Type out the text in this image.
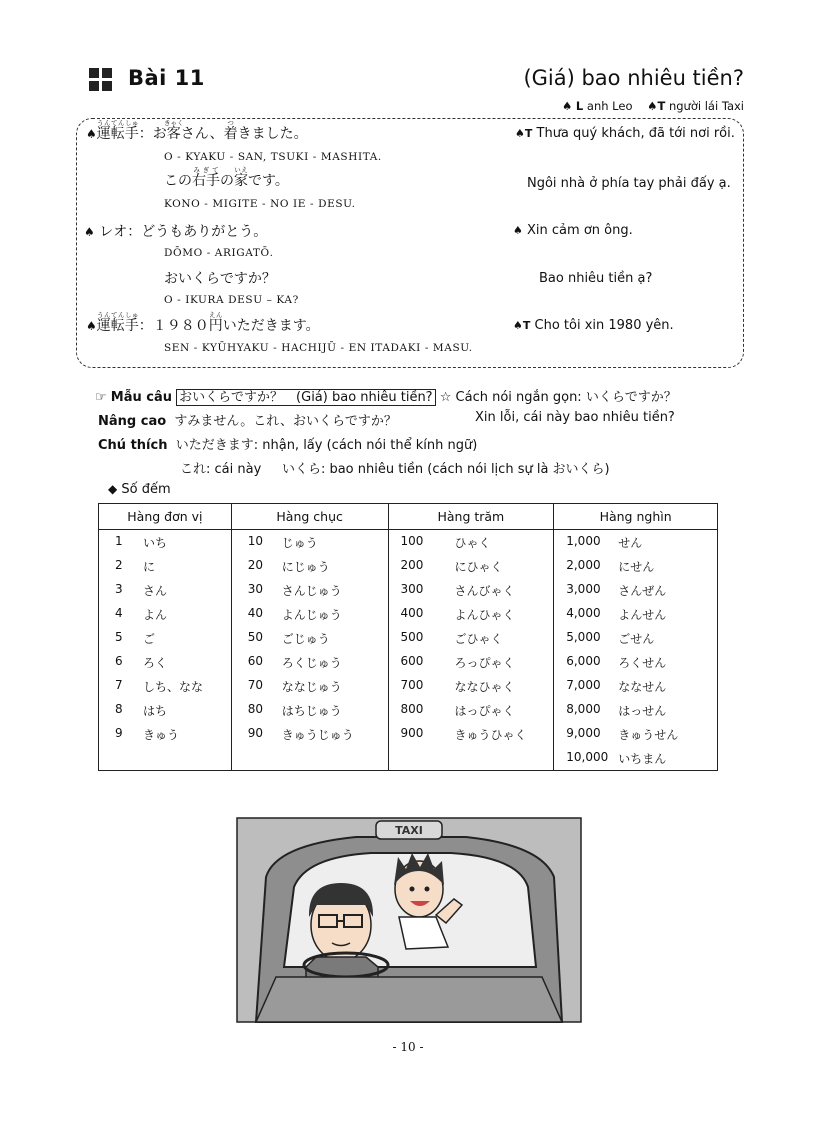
Bài 11	(Giá) bao nhiêu tiền?
♠ L anh Leo ♠T người lái Taxi
♠運転手うんてんしゅ：お客きゃくさん、着つきました。
O - KYAKU - SAN, TSUKI - MASHITA.
♠T Thưa quý khách, đã tới nơi rồi.
この右手みぎての家いえです。
KONO - MIGITE - NO IE - DESU.
Ngôi nhà ở phía tay phải đấy ạ.
♠ レオ：どうもありがとう。
DŌMO - ARIGATŌ.
♠ Xin cảm ơn ông.
おいくらですか？
O - IKURA DESU – KA?
Bao nhiêu tiền ạ?
♠運転手うんてんしゅ：１９８０円えんいただきます。
SEN - KYŪHYAKU - HACHIJŪ - EN ITADAKI - MASU.
♠T Cho tôi xin 1980 yên.
☞ Mẫu câu おいくらですか？　(Giá) bao nhiêu tiền? ☆ Cách nói ngắn gọn: いくらですか？
Nâng cao すみません。これ、おいくらですか？	Xin lỗi, cái này bao nhiêu tiền?
Chú thích いただきます: nhận, lấy (cách nói thể kính ngữ)
これ: cái này いくら: bao nhiêu tiền (cách nói lịch sự là おいくら)
◆ Số đếm
Hàng đơn vị	Hàng chục	Hàng trăm	Hàng nghìn

1 いち	10 じゅう	100 ひゃく	1,000 せん

2 に	20 にじゅう	200 にひゃく	2,000 にせん

3 さん	30 さんじゅう	300 さんびゃく	3,000 さんぜん

4 よん	40 よんじゅう	400 よんひゃく	4,000 よんせん

5 ご	50 ごじゅう	500 ごひゃく	5,000 ごせん

6 ろく	60 ろくじゅう	600 ろっぴゃく	6,000 ろくせん

7 しち、なな	70 ななじゅう	700 ななひゃく	7,000 ななせん

8 はち	80 はちじゅう	800 はっぴゃく	8,000 はっせん

9 きゅう	90 きゅうじゅう	900 きゅうひゃく	9,000 きゅうせん

			10,000 いちまん
TAXI
- 10 -
